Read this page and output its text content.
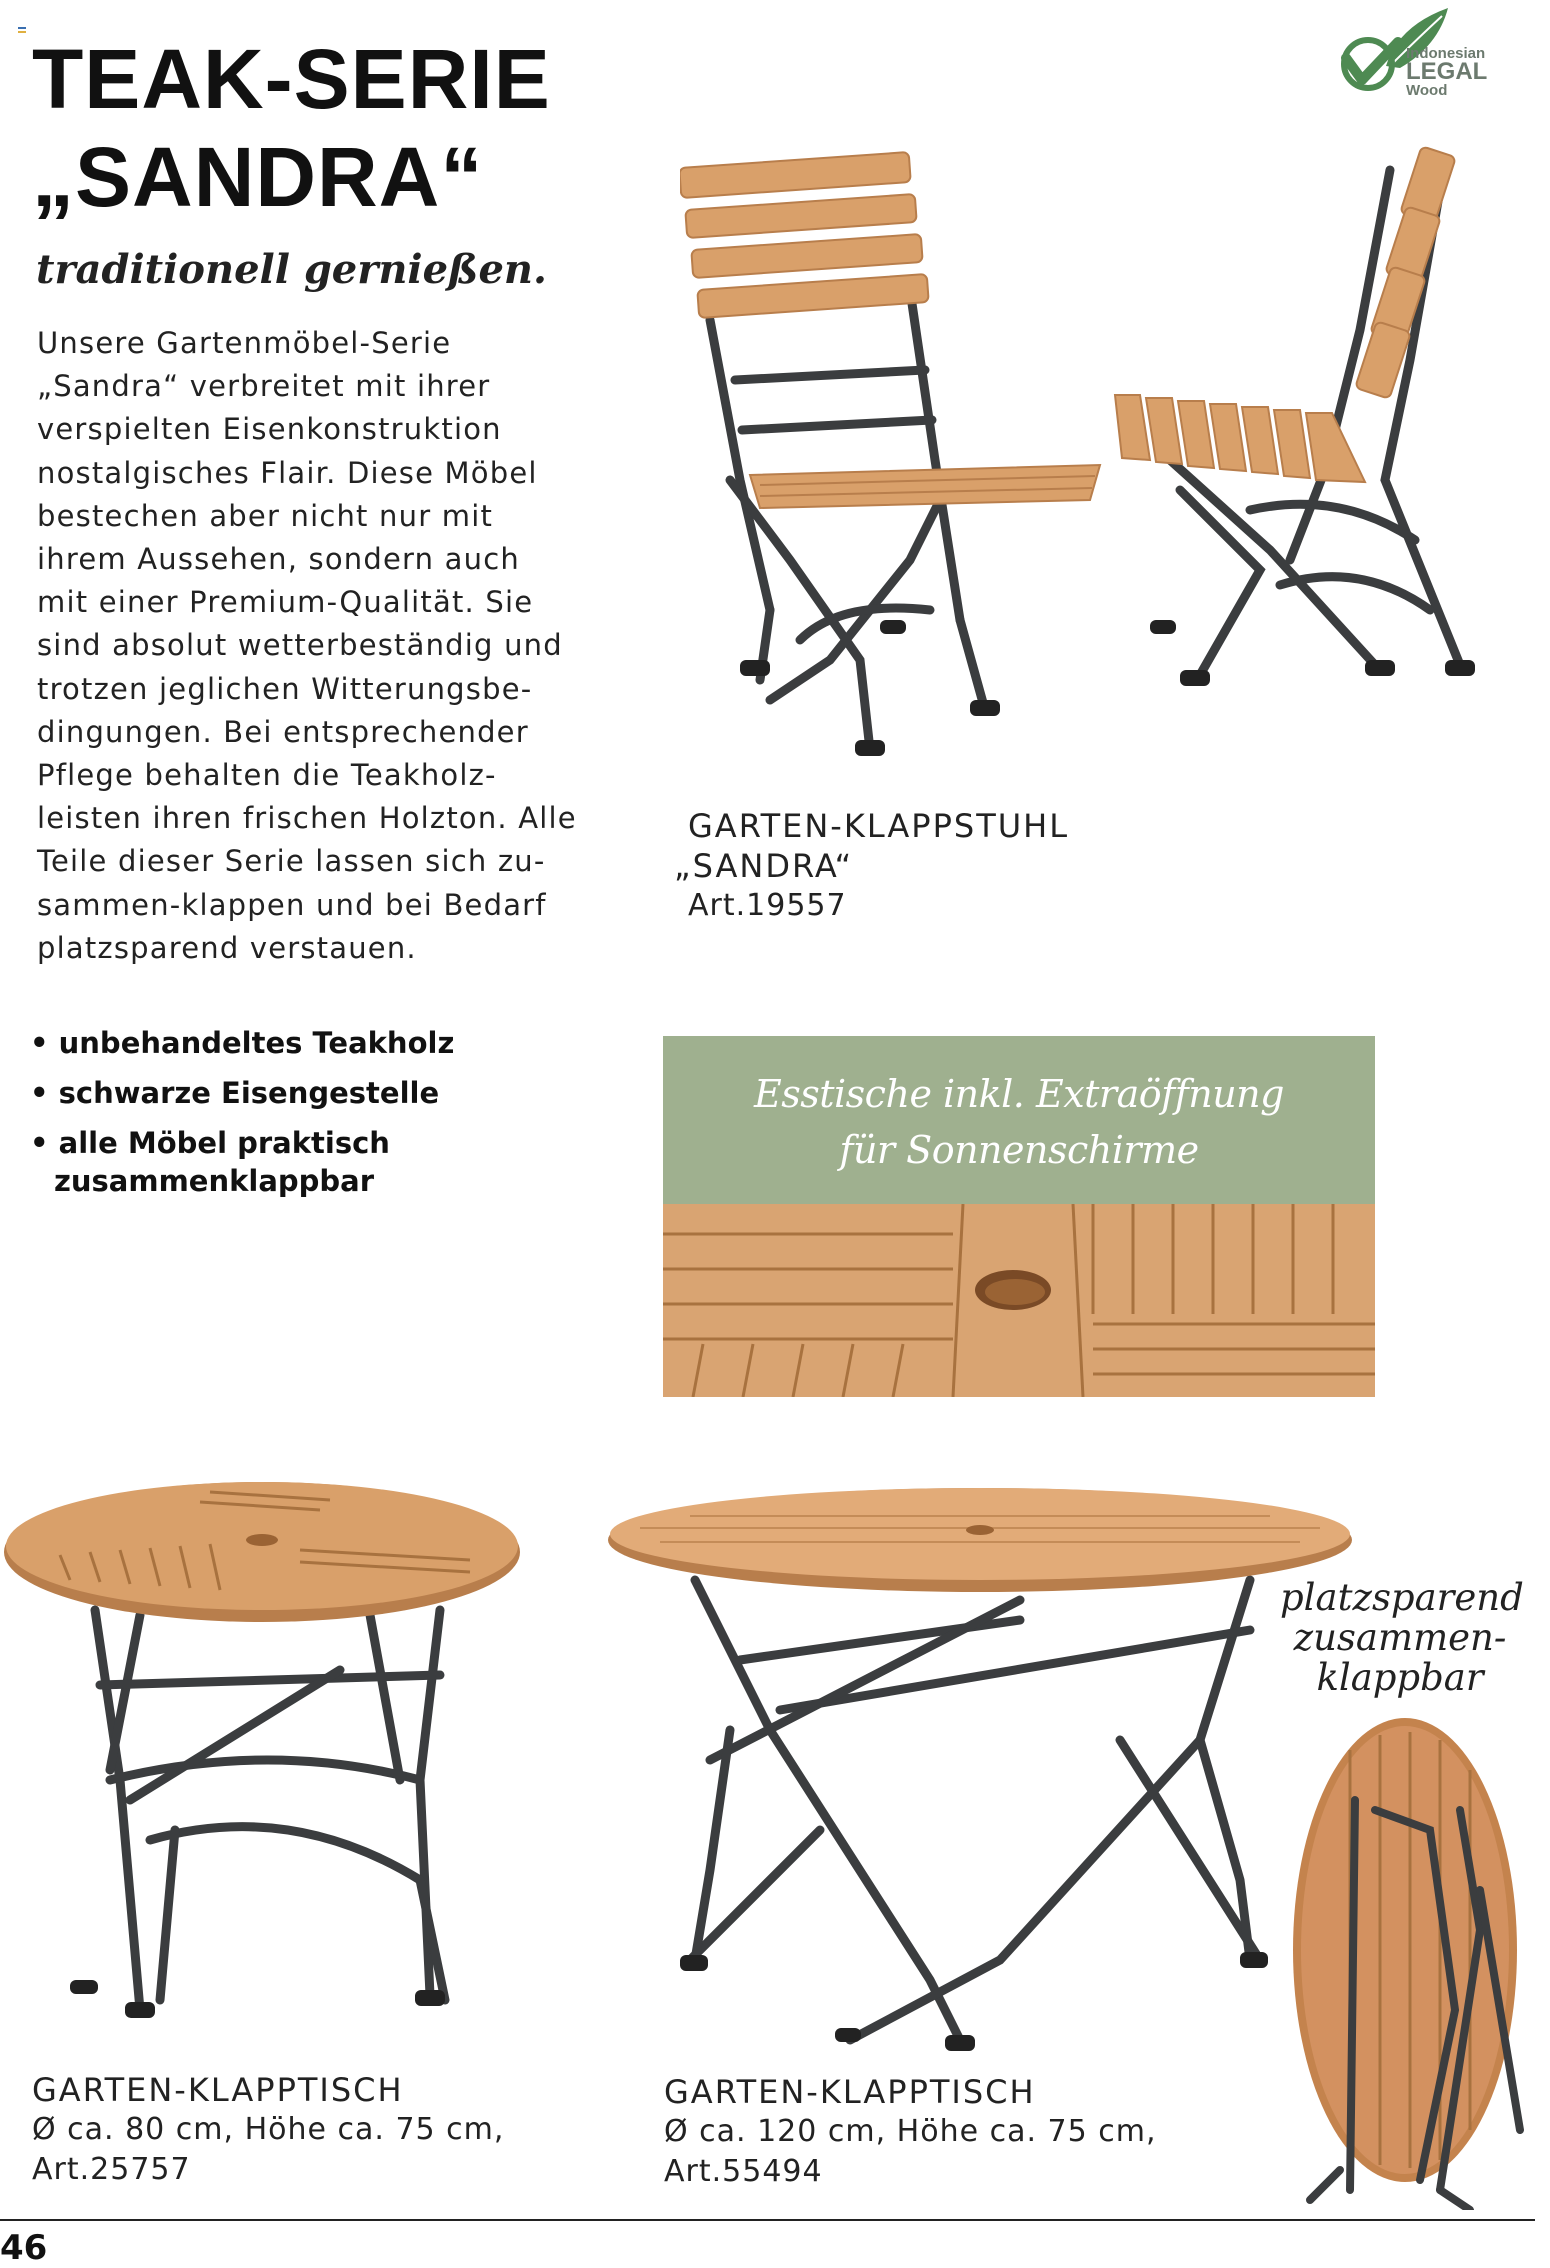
TEAK-SERIE
„SANDRA“
traditionell gernießen.
Unsere Gartenmöbel-Serie
„Sandra“ verbreitet mit ihrer
verspielten Eisenkonstruktion
nostalgisches Flair. Diese Möbel
bestechen aber nicht nur mit
ihrem Aussehen, sondern auch
mit einer Premium-Qualität. Sie
sind absolut wetterbeständig und
trotzen jeglichen Witterungsbe-
dingungen. Bei entsprechender
Pflege behalten die Teakholz-
leisten ihren frischen Holzton. Alle
Teile dieser Serie lassen sich zu-
sammen-klappen und bei Bedarf
platzsparend verstauen.
• unbehandeltes Teakholz
• schwarze Eisengestelle
• alle Möbel praktisch
zusammenklappbar
Indonesian
LEGAL
Wood
GARTEN-KLAPPSTUHL
„SANDRA“
Art.19557
Esstische inkl. Extraöffnung
für Sonnenschirme
platzsparend
zusammen-
klappbar
GARTEN-KLAPPTISCH
Ø ca. 80 cm, Höhe ca. 75 cm,
Art.25757
GARTEN-KLAPPTISCH
Ø ca. 120 cm, Höhe ca. 75 cm,
Art.55494
46
